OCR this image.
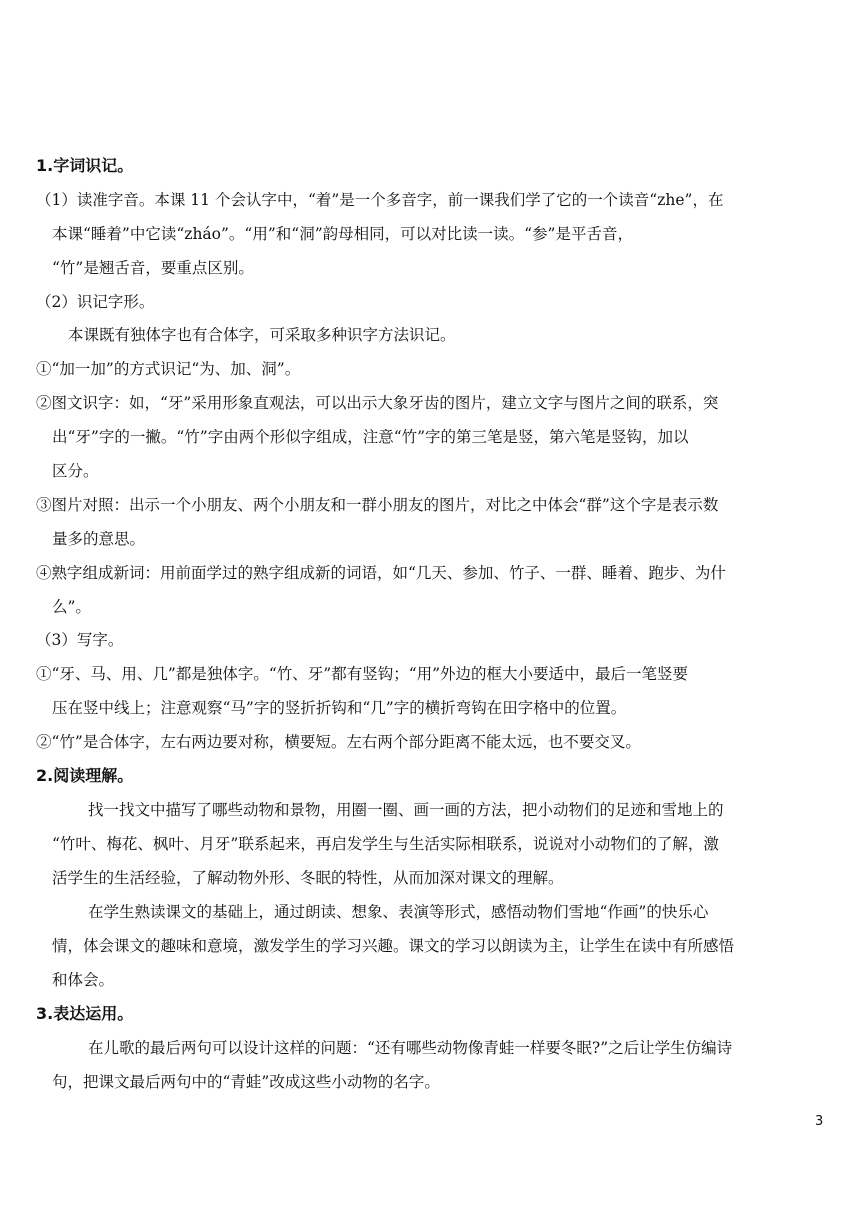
1.字词识记。
（1）读准字音。本课 11 个会认字中，“着”是一个多音字，前一课我们学了它的一个读音“zhe”，在
本课“睡着”中它读“zháo”。“用”和“洞”韵母相同，可以对比读一读。“参”是平舌音，
“竹”是翘舌音，要重点区别。
（2）识记字形。
本课既有独体字也有合体字，可采取多种识字方法识记。
①“加一加”的方式识记“为、加、洞”。
②图文识字：如，“牙”采用形象直观法，可以出示大象牙齿的图片，建立文字与图片之间的联系，突
出“牙”字的一撇。“竹”字由两个形似字组成，注意“竹”字的第三笔是竖，第六笔是竖钩，加以
区分。
③图片对照：出示一个小朋友、两个小朋友和一群小朋友的图片，对比之中体会“群”这个字是表示数
量多的意思。
④熟字组成新词：用前面学过的熟字组成新的词语，如“几天、参加、竹子、一群、睡着、跑步、为什
么”。
（3）写字。
①“牙、马、用、几”都是独体字。“竹、牙”都有竖钩；“用”外边的框大小要适中，最后一笔竖要
压在竖中线上；注意观察“马”字的竖折折钩和“几”字的横折弯钩在田字格中的位置。
②“竹”是合体字，左右两边要对称，横要短。左右两个部分距离不能太远，也不要交叉。
2.阅读理解。
找一找文中描写了哪些动物和景物，用圈一圈、画一画的方法，把小动物们的足迹和雪地上的
“竹叶、梅花、枫叶、月牙”联系起来，再启发学生与生活实际相联系，说说对小动物们的了解，激
活学生的生活经验，了解动物外形、冬眠的特性，从而加深对课文的理解。
在学生熟读课文的基础上，通过朗读、想象、表演等形式，感悟动物们雪地“作画”的快乐心
情，体会课文的趣味和意境，激发学生的学习兴趣。课文的学习以朗读为主，让学生在读中有所感悟
和体会。
3.表达运用。
在儿歌的最后两句可以设计这样的问题：“还有哪些动物像青蛙一样要冬眠?”之后让学生仿编诗
句，把课文最后两句中的“青蛙”改成这些小动物的名字。
3
